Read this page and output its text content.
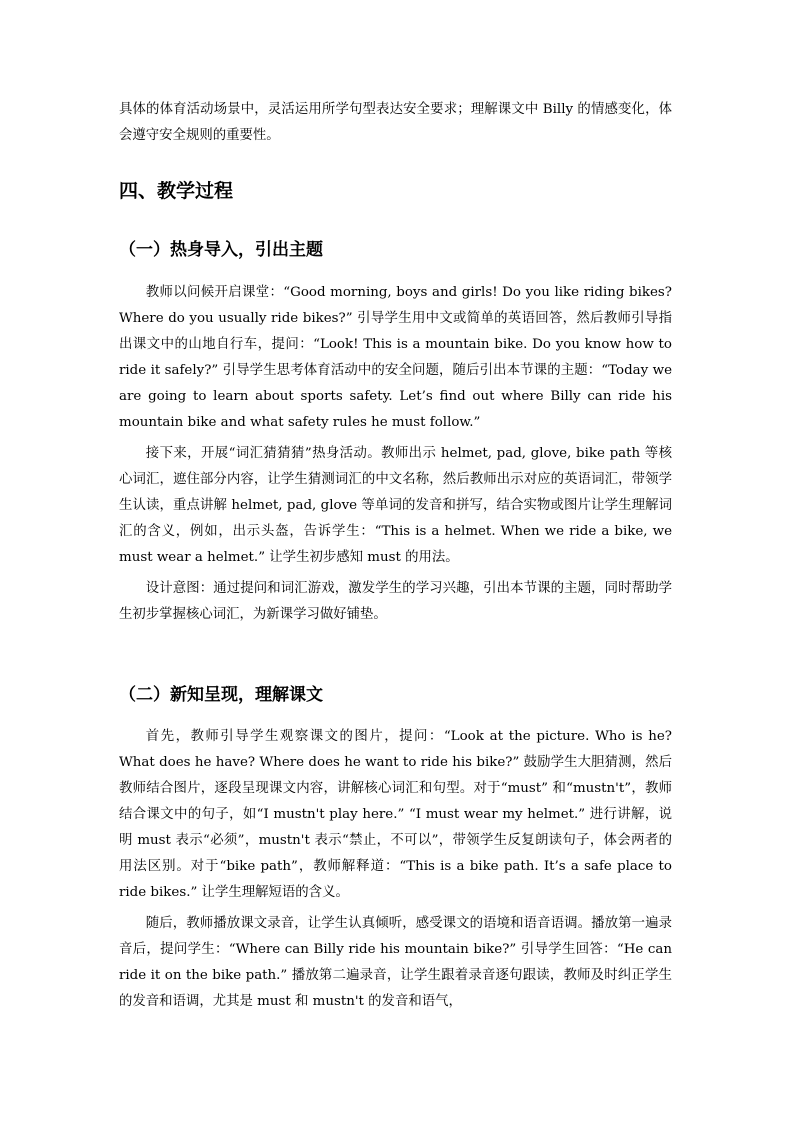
具体的体育活动场景中，灵活运用所学句型表达安全要求；理解课文中 Billy 的情感变化，体会遵守安全规则的重要性。

四、教学过程
（一）热身导入，引出主题

教师以问候开启课堂：“Good morning, boys and girls! Do you like riding bikes? Where do you usually ride bikes?” 引导学生用中文或简单的英语回答，然后教师引导指出课文中的山地自行车，提问：“Look! This is a mountain bike. Do you know how to ride it safely?” 引导学生思考体育活动中的安全问题，随后引出本节课的主题：“Today we are going to learn about sports safety. Let’s find out where Billy can ride his mountain bike and what safety rules he must follow.”

接下来，开展“词汇猜猜猜”热身活动。教师出示 helmet, pad, glove, bike path 等核心词汇，遮住部分内容，让学生猜测词汇的中文名称，然后教师出示对应的英语词汇，带领学生认读，重点讲解 helmet, pad, glove 等单词的发音和拼写，结合实物或图片让学生理解词汇的含义，例如，出示头盔，告诉学生：“This is a helmet. When we ride a bike, we must wear a helmet.” 让学生初步感知 must 的用法。

设计意图：通过提问和词汇游戏，激发学生的学习兴趣，引出本节课的主题，同时帮助学生初步掌握核心词汇，为新课学习做好铺垫。

（二）新知呈现，理解课文

首先，教师引导学生观察课文的图片，提问：“Look at the picture. Who is he? What does he have? Where does he want to ride his bike?” 鼓励学生大胆猜测，然后教师结合图片，逐段呈现课文内容，讲解核心词汇和句型。对于“must” 和“mustn't”，教师结合课文中的句子，如“I mustn't play here.” “I must wear my helmet.” 进行讲解，说明 must 表示“必须”，mustn't 表示“禁止，不可以”，带领学生反复朗读句子，体会两者的用法区别。对于“bike path”，教师解释道：“This is a bike path. It’s a safe place to ride bikes.” 让学生理解短语的含义。

随后，教师播放课文录音，让学生认真倾听，感受课文的语境和语音语调。播放第一遍录音后，提问学生：“Where can Billy ride his mountain bike?” 引导学生回答：“He can ride it on the bike path.” 播放第二遍录音，让学生跟着录音逐句跟读，教师及时纠正学生的发音和语调，尤其是 must 和 mustn't 的发音和语气，
